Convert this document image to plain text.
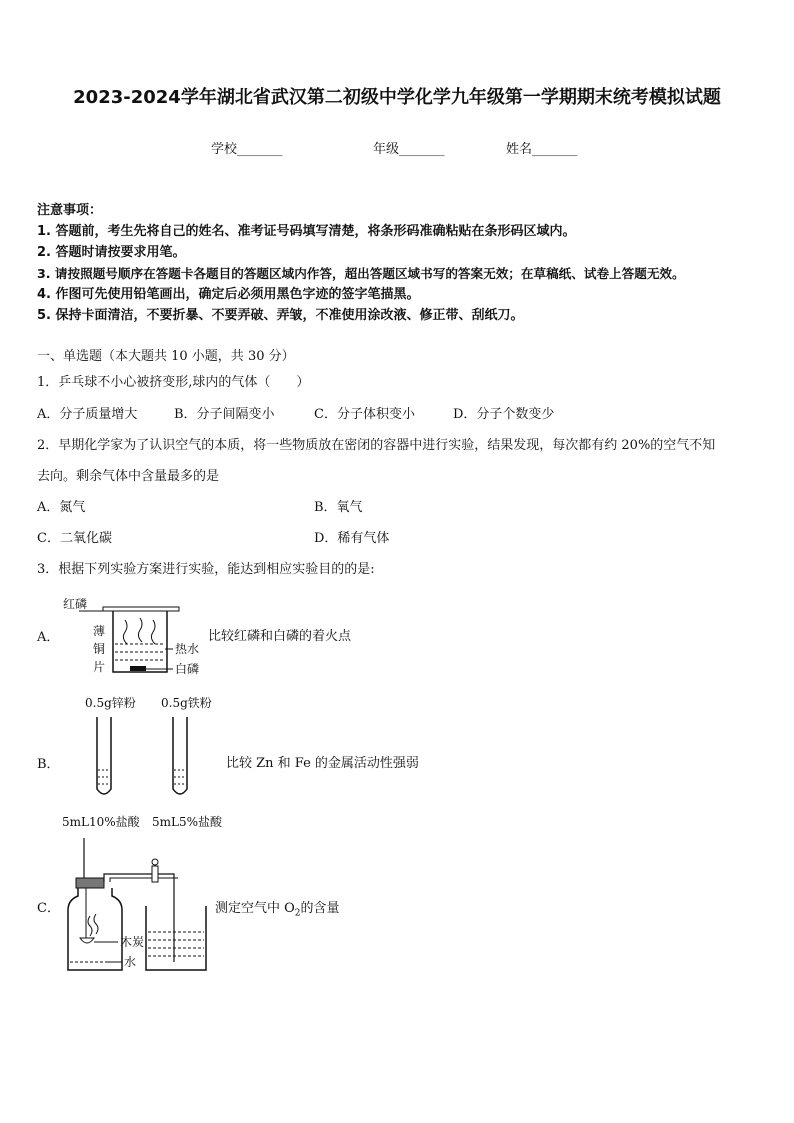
2023-2024学年湖北省武汉第二初级中学化学九年级第一学期期末统考模拟试题
学校_______	年级_______	姓名_______
注意事项：
1. 答题前，考生先将自己的姓名、准考证号码填写清楚，将条形码准确粘贴在条形码区域内。
2. 答题时请按要求用笔。
3. 请按照题号顺序在答题卡各题目的答题区域内作答，超出答题区域书写的答案无效；在草稿纸、试卷上答题无效。
4. 作图可先使用铅笔画出，确定后必须用黑色字迹的签字笔描黑。
5. 保持卡面清洁，不要折暴、不要弄破、弄皱，不准使用涂改液、修正带、刮纸刀。
一、单选题（本大题共 10 小题，共 30 分）
1．乒乓球不小心被挤变形,球内的气体（　　）
A．分子质量增大	B．分子间隔变小	C．分子体积变小	D．分子个数变少
2．早期化学家为了认识空气的本质，将一些物质放在密闭的容器中进行实验，结果发现，每次都有约 20%的空气不知
去向。剩余气体中含量最多的是
A．氮气	B．氧气
C．二氧化碳	D．稀有气体
3．根据下列实验方案进行实验，能达到相应实验目的的是:
A．
红磷
薄
铜
片
热水
白磷
比较红磷和白磷的着火点
B．
0.5g锌粉 0.5g铁粉
比较 Zn 和 Fe 的金属活动性强弱
5mL10%盐酸 5mL5%盐酸
C．
木炭
水
测定空气中 $O_2$的含量
